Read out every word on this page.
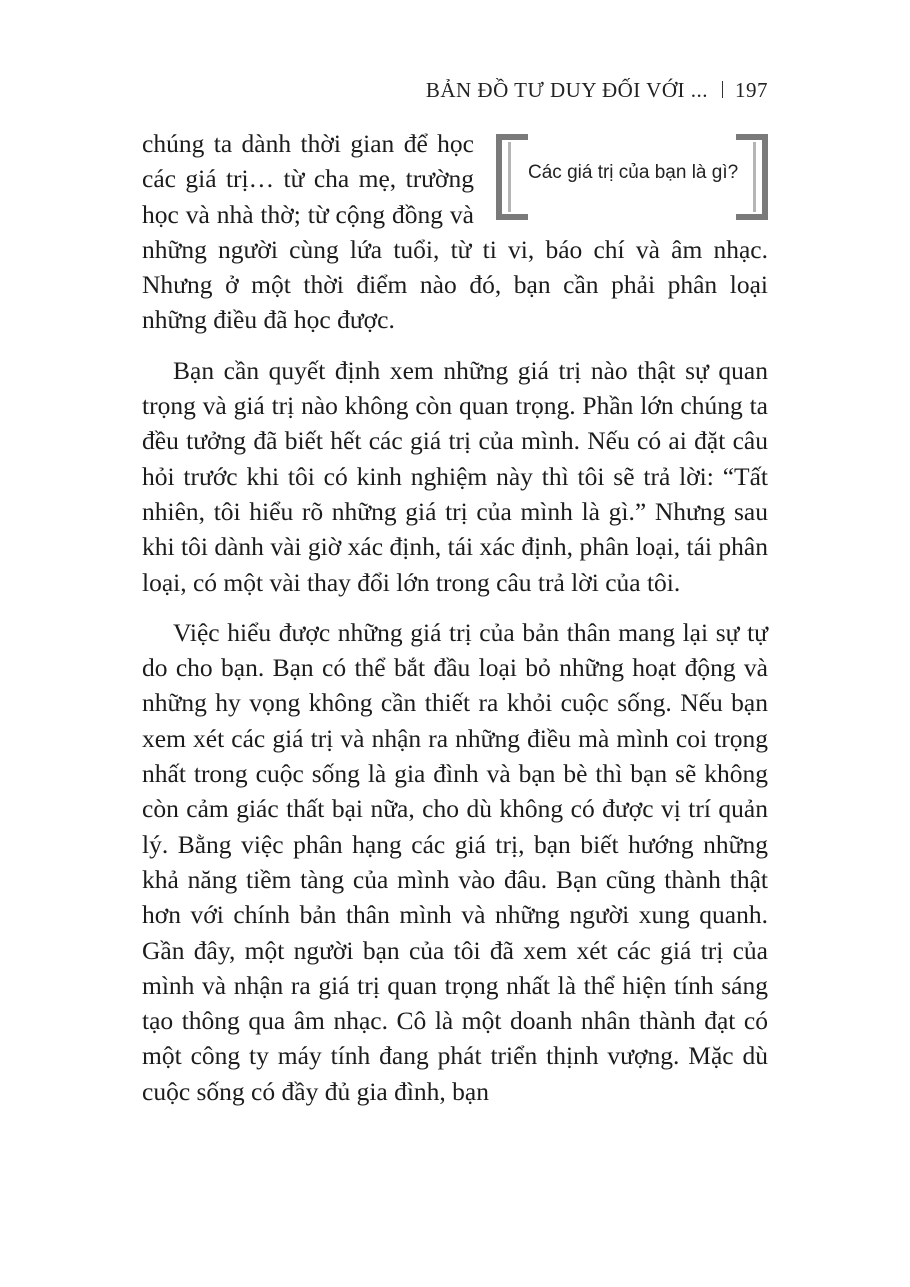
BẢN ĐỒ TƯ DUY ĐỐI VỚI ... 197
Các giá trị của bạn là gì?

chúng ta dành thời gian để học các giá trị… từ cha mẹ, trường học và nhà thờ; từ cộng đồng và những người cùng lứa tuổi, từ ti vi, báo chí và âm nhạc. Nhưng ở một thời điểm nào đó, bạn cần phải phân loại những điều đã học được.

Bạn cần quyết định xem những giá trị nào thật sự quan trọng và giá trị nào không còn quan trọng. Phần lớn chúng ta đều tưởng đã biết hết các giá trị của mình. Nếu có ai đặt câu hỏi trước khi tôi có kinh nghiệm này thì tôi sẽ trả lời: “Tất nhiên, tôi hiểu rõ những giá trị của mình là gì.” Nhưng sau khi tôi dành vài giờ xác định, tái xác định, phân loại, tái phân loại, có một vài thay đổi lớn trong câu trả lời của tôi.

Việc hiểu được những giá trị của bản thân mang lại sự tự do cho bạn. Bạn có thể bắt đầu loại bỏ những hoạt động và những hy vọng không cần thiết ra khỏi cuộc sống. Nếu bạn xem xét các giá trị và nhận ra những điều mà mình coi trọng nhất trong cuộc sống là gia đình và bạn bè thì bạn sẽ không còn cảm giác thất bại nữa, cho dù không có được vị trí quản lý. Bằng việc phân hạng các giá trị, bạn biết hướng những khả năng tiềm tàng của mình vào đâu. Bạn cũng thành thật hơn với chính bản thân mình và những người xung quanh. Gần đây, một người bạn của tôi đã xem xét các giá trị của mình và nhận ra giá trị quan trọng nhất là thể hiện tính sáng tạo thông qua âm nhạc. Cô là một doanh nhân thành đạt có một công ty máy tính đang phát triển thịnh vượng. Mặc dù cuộc sống có đầy đủ gia đình, bạn
